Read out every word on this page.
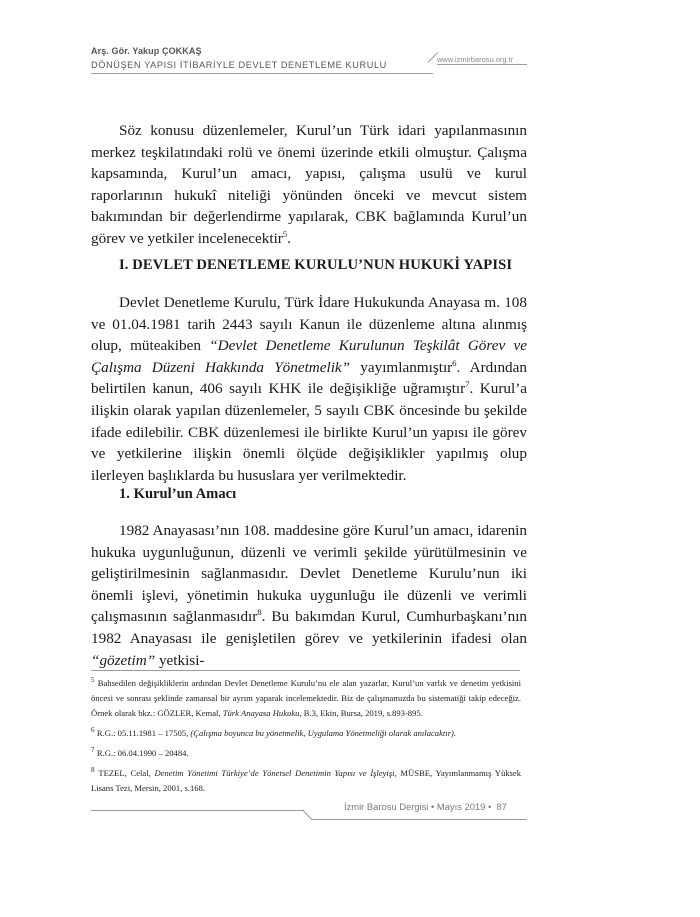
Arş. Gör. Yakup ÇOKKAŞ
DÖNÜŞEN YAPISI İTİBARİYLE DEVLET DENETLEME KURULU
www.izmirbarosu.org.tr

Söz konusu düzenlemeler, Kurul’un Türk idari yapılanmasının merkez teşkilatındaki rolü ve önemi üzerinde etkili olmuştur. Çalışma kapsamında, Kurul’un amacı, yapısı, çalışma usulü ve kurul raporlarının hukukî niteliği yönünden önceki ve mevcut sistem bakımından bir değerlendirme yapılarak, CBK bağlamında Kurul’un görev ve yetkiler incelenecektir$^5$.

I. DEVLET DENETLEME KURULU’NUN HUKUKİ YAPISI

Devlet Denetleme Kurulu, Türk İdare Hukukunda Anayasa m. 108 ve 01.04.1981 tarih 2443 sayılı Kanun ile düzenleme altına alınmış olup, müteakiben “Devlet Denetleme Kurulunun Teşkilât Görev ve Çalışma Düzeni Hakkında Yönetmelik” yayımlanmıştır$^6$. Ardından belirtilen kanun, 406 sayılı KHK ile değişikliğe uğramıştır$^7$. Kurul’a ilişkin olarak yapılan düzenlemeler, 5 sayılı CBK öncesinde bu şekilde ifade edilebilir. CBK düzenlemesi ile birlikte Kurul’un yapısı ile görev ve yetkilerine ilişkin önemli ölçüde değişiklikler yapılmış olup ilerleyen başlıklarda bu hususlara yer verilmektedir.

1. Kurul’un Amacı

1982 Anayasası’nın 108. maddesine göre Kurul’un amacı, idarenin hukuka uygunluğunun, düzenli ve verimli şekilde yürütülmesinin ve geliştirilmesinin sağlanmasıdır. Devlet Denetleme Kurulu’nun iki önemli işlevi, yönetimin hukuka uygunluğu ile düzenli ve verimli çalışmasının sağlanmasıdır$^8$. Bu bakımdan Kurul, Cumhurbaşkanı’nın 1982 Anayasası ile genişletilen görev ve yetkilerinin ifadesi olan “gözetim” yetkisi-

$^5$ Bahsedilen değişikliklerin ardından Devlet Denetleme Kurulu’nu ele alan yazarlar, Kurul’un varlık ve denetim yetkisini öncesi ve sonrası şeklinde zamansal bir ayrım yaparak incelemektedir. Biz de çalışmamızda bu sistematiği takip edeceğiz. Örnek olarak bkz.: GÖZLER, Kemal, Türk Anayasa Hukuku, B.3, Ekin, Bursa, 2019, s.893-895.

$^6$ R.G.: 05.11.1981 – 17505, (Çalışma boyunca bu yönetmelik, Uygulama Yönetmeliği olarak anılacaktır).

$^7$ R.G.: 06.04.1990 – 20484.

$^8$ TEZEL, Celal, Denetim Yönetimi Türkiye’de Yönetsel Denetimin Yapısı ve İşleyişi, MÜSBE, Yayımlanmamış Yüksek Lisans Tezi, Mersin, 2001, s.168.

İzmir Barosu Dergisi • Mayıs 2019 • 87
